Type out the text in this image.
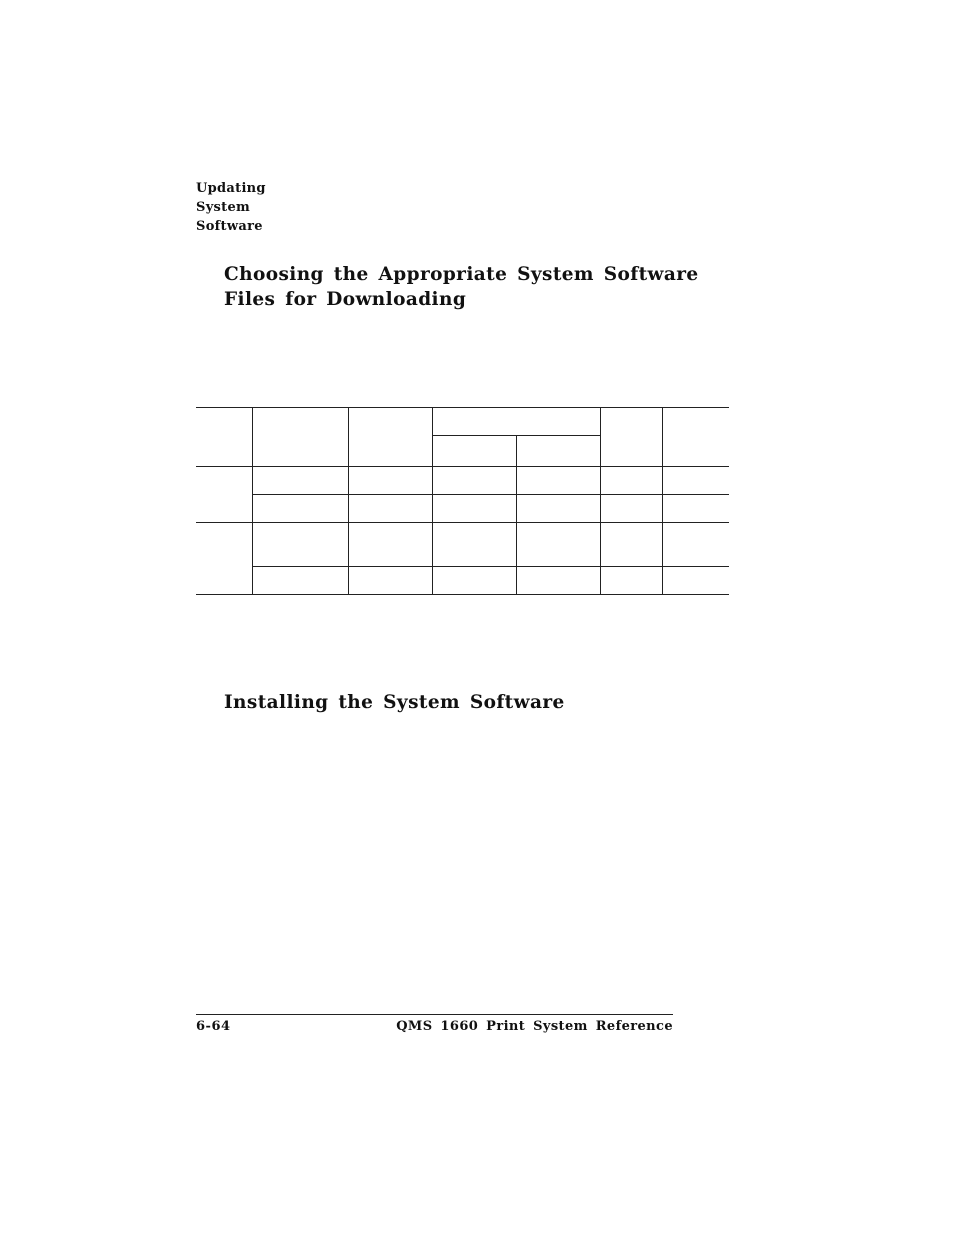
Updating
System
Software
Choosing the Appropriate System Software
Files for Downloading
Installing the System Software
6-64	QMS 1660 Print System Reference
